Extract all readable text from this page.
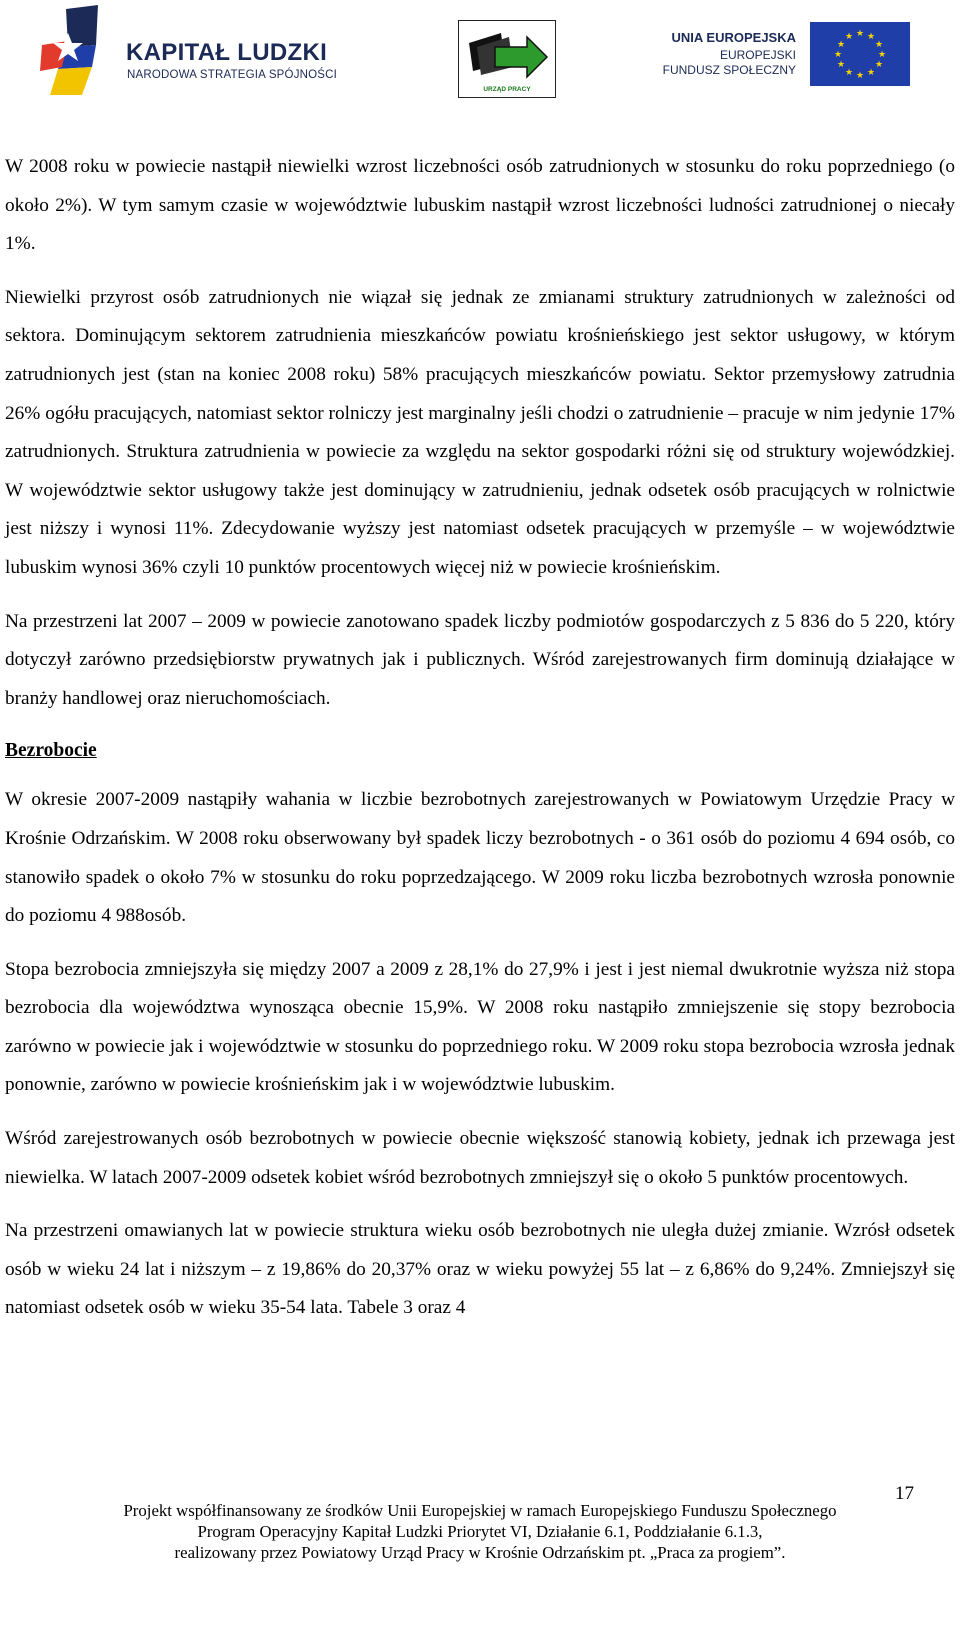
KAPITAŁ LUDZKI
NARODOWA STRATEGIA SPÓJNOŚCI
URZĄD PRACY
UNIA EUROPEJSKA
EUROPEJSKI
FUNDUSZ SPOŁECZNY
★ ★
★
★
★
★
★
★
★
★
★
★

W 2008 roku w powiecie nastąpił niewielki wzrost liczebności osób zatrudnionych w stosunku do roku poprzedniego (o około 2%). W tym samym czasie w województwie lubuskim nastąpił wzrost liczebności ludności zatrudnionej o niecały 1%.

Niewielki przyrost osób zatrudnionych nie wiązał się jednak ze zmianami struktury zatrudnionych w zależności od sektora. Dominującym sektorem zatrudnienia mieszkańców powiatu krośnieńskiego jest sektor usługowy, w którym zatrudnionych jest (stan na koniec 2008 roku) 58% pracujących mieszkańców powiatu. Sektor przemysłowy zatrudnia 26% ogółu pracujących, natomiast sektor rolniczy jest marginalny jeśli chodzi o zatrudnienie – pracuje w nim jedynie 17% zatrudnionych. Struktura zatrudnienia w powiecie za względu na sektor gospodarki różni się od struktury wojewódzkiej. W województwie sektor usługowy także jest dominujący w zatrudnieniu, jednak odsetek osób pracujących w rolnictwie jest niższy i wynosi 11%. Zdecydowanie wyższy jest natomiast odsetek pracujących w przemyśle – w województwie lubuskim wynosi 36% czyli 10 punktów procentowych więcej niż w powiecie krośnieńskim.

Na przestrzeni lat 2007 – 2009 w powiecie zanotowano spadek liczby podmiotów gospodarczych z 5 836 do 5 220, który dotyczył zarówno przedsiębiorstw prywatnych jak i publicznych. Wśród zarejestrowanych firm dominują działające w branży handlowej oraz nieruchomościach.

Bezrobocie

W okresie 2007-2009 nastąpiły wahania w liczbie bezrobotnych zarejestrowanych w Powiatowym Urzędzie Pracy w Krośnie Odrzańskim. W 2008 roku obserwowany był spadek liczy bezrobotnych - o 361 osób do poziomu 4 694 osób, co stanowiło spadek o około 7% w stosunku do roku poprzedzającego. W 2009 roku liczba bezrobotnych wzrosła ponownie do poziomu 4 988osób.

Stopa bezrobocia zmniejszyła się między 2007 a 2009 z 28,1% do 27,9% i jest i jest niemal dwukrotnie wyższa niż stopa bezrobocia dla województwa wynosząca obecnie 15,9%. W 2008 roku nastąpiło zmniejszenie się stopy bezrobocia zarówno w powiecie jak i województwie w stosunku do poprzedniego roku. W 2009 roku stopa bezrobocia wzrosła jednak ponownie, zarówno w powiecie krośnieńskim jak i w województwie lubuskim.

Wśród zarejestrowanych osób bezrobotnych w powiecie obecnie większość stanowią kobiety, jednak ich przewaga jest niewielka. W latach 2007-2009 odsetek kobiet wśród bezrobotnych zmniejszył się o około 5 punktów procentowych.

Na przestrzeni omawianych lat w powiecie struktura wieku osób bezrobotnych nie uległa dużej zmianie. Wzrósł odsetek osób w wieku 24 lat i niższym – z 19,86% do 20,37% oraz w wieku powyżej 55 lat – z 6,86% do 9,24%. Zmniejszył się natomiast odsetek osób w wieku 35-54 lata. Tabele 3 oraz 4

17
Projekt współfinansowany ze środków Unii Europejskiej w ramach Europejskiego Funduszu Społecznego
Program Operacyjny Kapitał Ludzki Priorytet VI, Działanie 6.1, Poddziałanie 6.1.3,
realizowany przez Powiatowy Urząd Pracy w Krośnie Odrzańskim pt. „Praca za progiem”.
